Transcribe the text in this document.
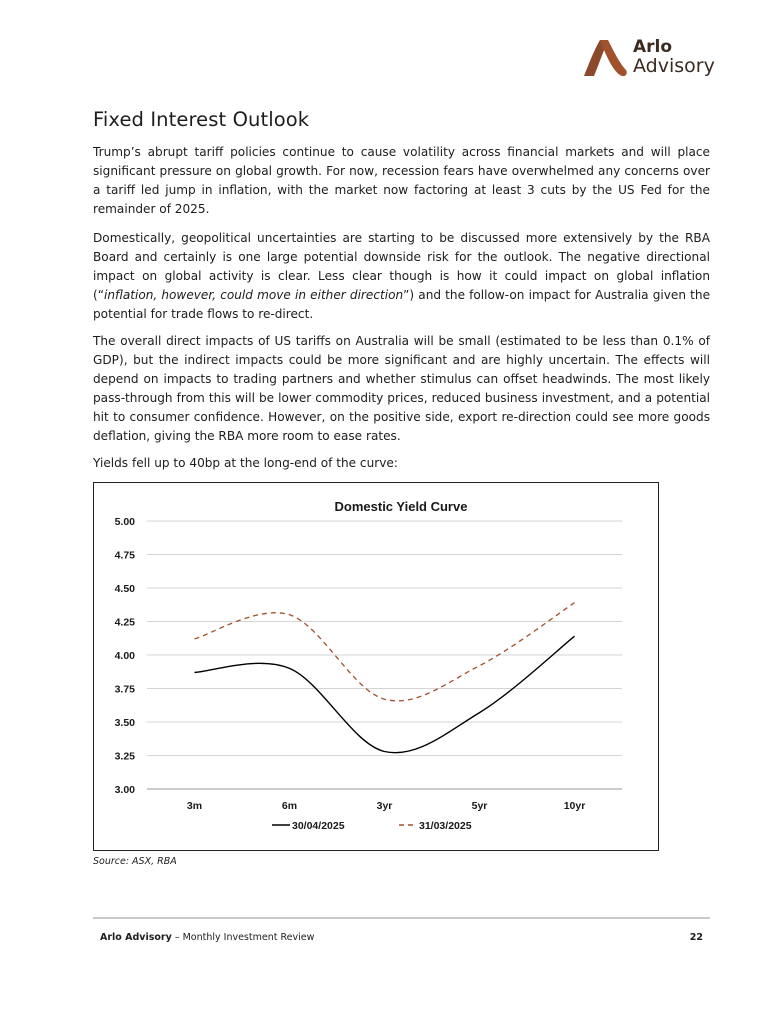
Arlo
Advisory
Fixed Interest Outlook

Trump’s abrupt tariff policies continue to cause volatility across financial markets and will place significant pressure on global growth. For now, recession fears have overwhelmed any concerns over a tariff led jump in inflation, with the market now factoring at least 3 cuts by the US Fed for the remainder of 2025.

Domestically, geopolitical uncertainties are starting to be discussed more extensively by the RBA Board and certainly is one large potential downside risk for the outlook. The negative directional impact on global activity is clear. Less clear though is how it could impact on global inflation (“inflation, however, could move in either direction”) and the follow-on impact for Australia given the potential for trade flows to re-direct.

The overall direct impacts of US tariffs on Australia will be small (estimated to be less than 0.1% of GDP), but the indirect impacts could be more significant and are highly uncertain. The effects will depend on impacts to trading partners and whether stimulus can offset headwinds. The most likely pass-through from this will be lower commodity prices, reduced business investment, and a potential hit to consumer confidence. However, on the positive side, export re-direction could see more goods deflation, giving the RBA more room to ease rates.

Yields fell up to 40bp at the long-end of the curve:

Domestic Yield Curve
5.00
4.75
4.50
4.25
4.00
3.75
3.50
3.25
3.00
3m	6m	3yr	5yr	10yr
30/04/2025	31/03/2025

Source: ASX, RBA

Arlo Advisory – Monthly Investment Review	22
